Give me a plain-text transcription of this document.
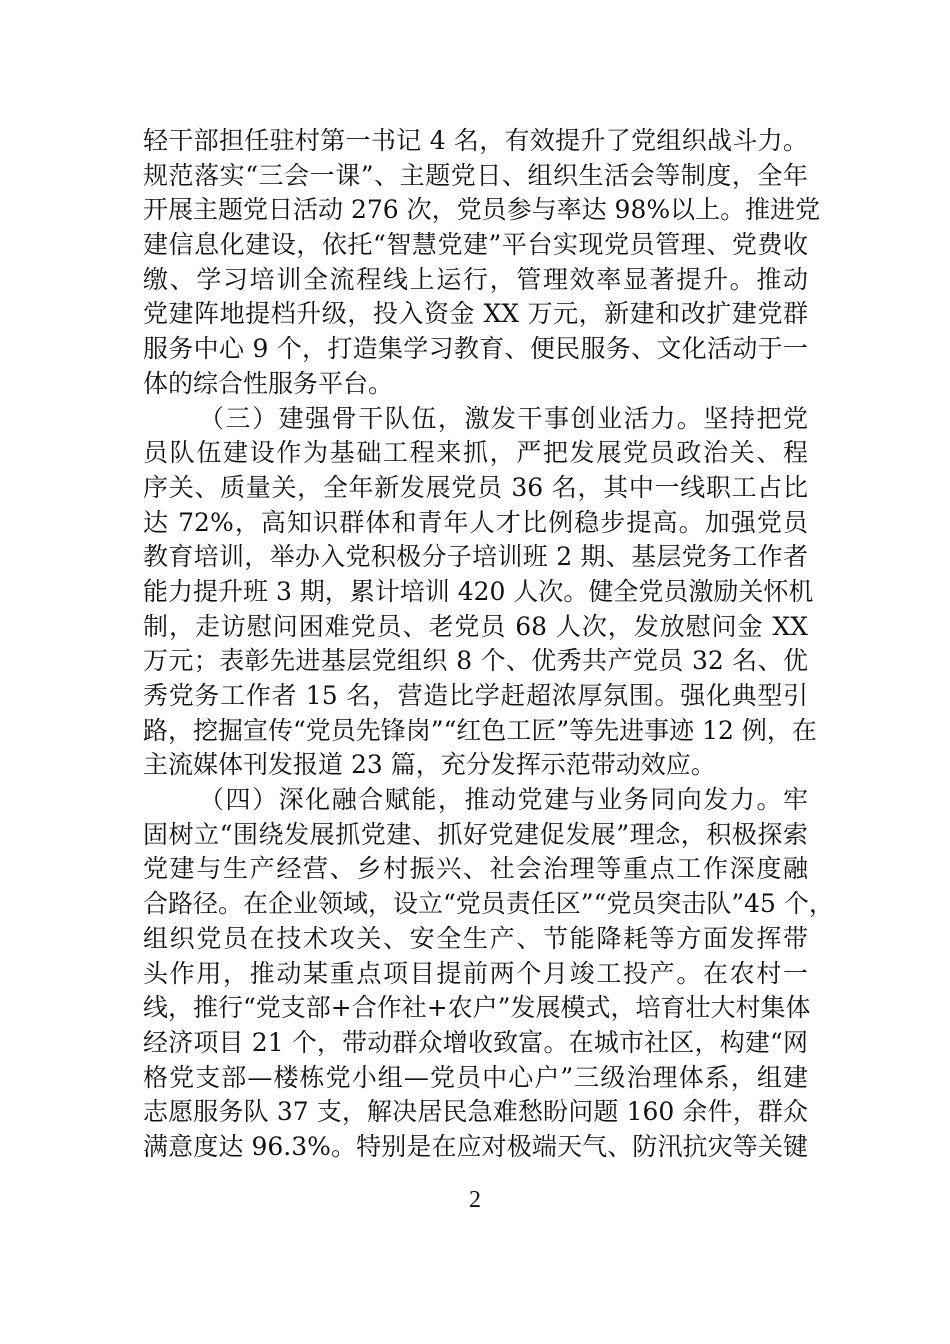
轻干部担任驻村第一书记 4 名，有效提升了党组织战斗力。
规范落实“三会一课”、主题党日、组织生活会等制度，全年
开展主题党日活动 276 次，党员参与率达 98%以上。推进党
建信息化建设，依托“智慧党建”平台实现党员管理、党费收
缴、学习培训全流程线上运行，管理效率显著提升。推动
党建阵地提档升级，投入资金 XX 万元，新建和改扩建党群
服务中心 9 个，打造集学习教育、便民服务、文化活动于一
体的综合性服务平台。
（三）建强骨干队伍，激发干事创业活力。坚持把党
员队伍建设作为基础工程来抓，严把发展党员政治关、程
序关、质量关，全年新发展党员 36 名，其中一线职工占比
达 72%，高知识群体和青年人才比例稳步提高。加强党员
教育培训，举办入党积极分子培训班 2 期、基层党务工作者
能力提升班 3 期，累计培训 420 人次。健全党员激励关怀机
制，走访慰问困难党员、老党员 68 人次，发放慰问金 XX
万元；表彰先进基层党组织 8 个、优秀共产党员 32 名、优
秀党务工作者 15 名，营造比学赶超浓厚氛围。强化典型引
路，挖掘宣传“党员先锋岗”“红色工匠”等先进事迹 12 例，在
主流媒体刊发报道 23 篇，充分发挥示范带动效应。
（四）深化融合赋能，推动党建与业务同向发力。牢
固树立“围绕发展抓党建、抓好党建促发展”理念，积极探索
党建与生产经营、乡村振兴、社会治理等重点工作深度融
合路径。在企业领域，设立“党员责任区”“党员突击队”45 个，
组织党员在技术攻关、安全生产、节能降耗等方面发挥带
头作用，推动某重点项目提前两个月竣工投产。在农村一
线，推行“党支部+合作社+农户”发展模式，培育壮大村集体
经济项目 21 个，带动群众增收致富。在城市社区，构建“网
格党支部—楼栋党小组—党员中心户”三级治理体系，组建
志愿服务队 37 支，解决居民急难愁盼问题 160 余件，群众
满意度达 96.3%。特别是在应对极端天气、防汛抗灾等关键
2
